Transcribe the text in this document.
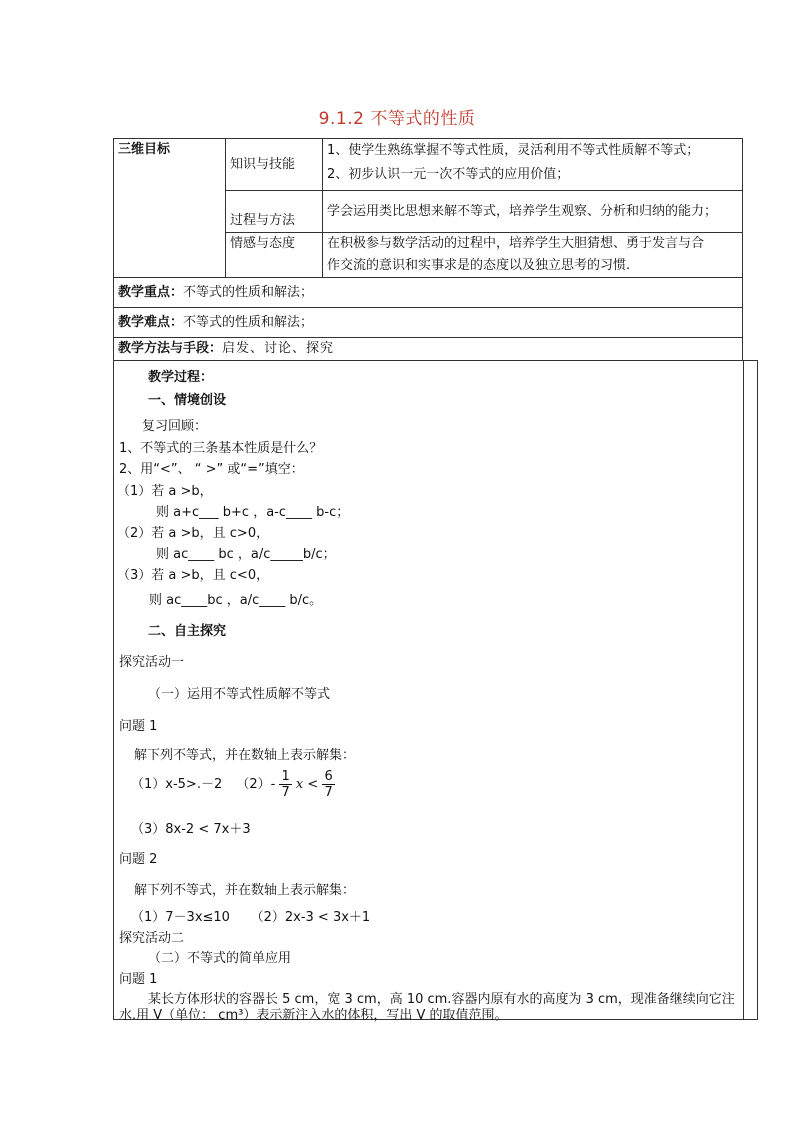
9.1.2 不等式的性质
三维目标	知识与技能	1、使学生熟练掌握不等式性质，灵活利用不等式性质解不等式；
2、初步认识一元一次不等式的应用价值；

	过程与方法	学会运用类比思想来解不等式，培养学生观察、分析和归纳的能力；
	情感与态度	在积极参与数学活动的过程中，培养学生大胆猜想、勇于发言与合
作交流的意识和实事求是的态度以及独立思考的习惯.

教学重点：不等式的性质和解法；		
教学难点：不等式的性质和解法；		
教学方法与手段：启发、讨论、探究		
教学过程：
一、情境创设
复习回顾：
1、不等式的三条基本性质是什么？
2、用“<”、 “ >” 或“=”填空：
（1）若 a >b，
则 a+c___ b+c ，a-c____ b-c；
（2）若 a >b，且 c>0，
则 ac____ bc ，a/c_____b/c；
（3）若 a >b，且 c<0，
则 ac____bc ，a/c____ b/c。
二、自主探究
探究活动一
（一）运用不等式性质解不等式
问题 1
解下列不等式，并在数轴上表示解集：
（1）x-5>.－2 $(2)- \frac{1}{7}$ $x < \frac{6}{7}$
（3）8x-2 < 7x＋3
问题 2
解下列不等式，并在数轴上表示解集：
（1）7－3x≤10     （2）2x-3 < 3x＋1
探究活动二
（二）不等式的简单应用
问题 1
某长方体形状的容器长 5 cm，宽 3 cm，高 10 cm.容器内原有水的高度为 3 cm，现准备继续向它注
水.用 V（单位： cm³）表示新注入水的体积，写出 V 的取值范围。
